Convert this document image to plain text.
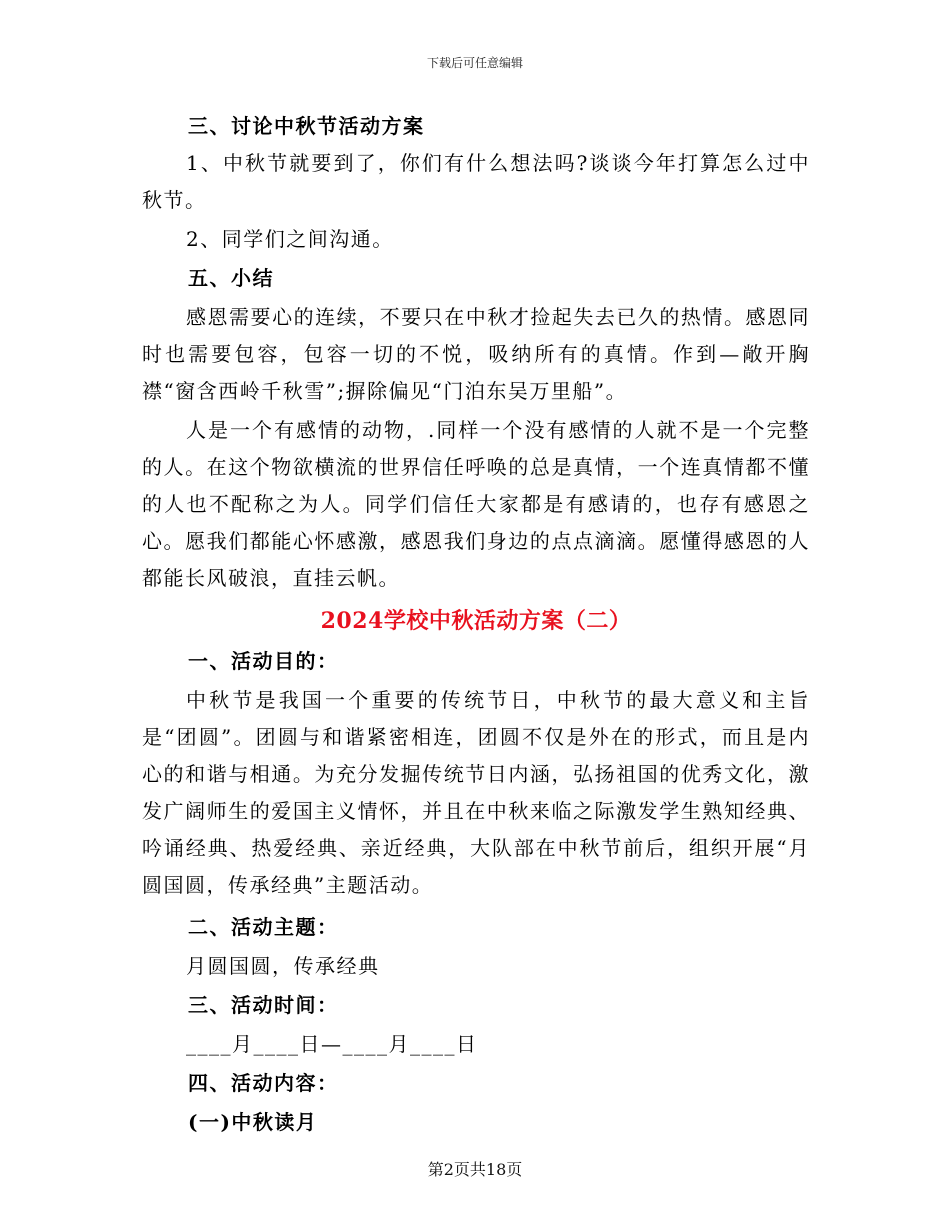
下载后可任意编辑

三、讨论中秋节活动方案

1、中秋节就要到了，你们有什么想法吗?谈谈今年打算怎么过中秋节。

2、同学们之间沟通。

五、小结

感恩需要心的连续，不要只在中秋才捡起失去已久的热情。感恩同时也需要包容，包容一切的不悦，吸纳所有的真情。作到—敞开胸襟“窗含西岭千秋雪”;摒除偏见“门泊东吴万里船”。

人是一个有感情的动物，.同样一个没有感情的人就不是一个完整的人。在这个物欲横流的世界信任呼唤的总是真情，一个连真情都不懂的人也不配称之为人。同学们信任大家都是有感请的，也存有感恩之心。愿我们都能心怀感激，感恩我们身边的点点滴滴。愿懂得感恩的人都能长风破浪，直挂云帆。

2024学校中秋活动方案（二）

一、活动目的：

中秋节是我国一个重要的传统节日，中秋节的最大意义和主旨是“团圆”。团圆与和谐紧密相连，团圆不仅是外在的形式，而且是内心的和谐与相通。为充分发掘传统节日内涵，弘扬祖国的优秀文化，激发广阔师生的爱国主义情怀，并且在中秋来临之际激发学生熟知经典、吟诵经典、热爱经典、亲近经典，大队部在中秋节前后，组织开展“月圆国圆，传承经典”主题活动。

二、活动主题：

月圆国圆，传承经典

三、活动时间：

____月____日—____月____日

四、活动内容：

(一)中秋读月

第2页共18页
